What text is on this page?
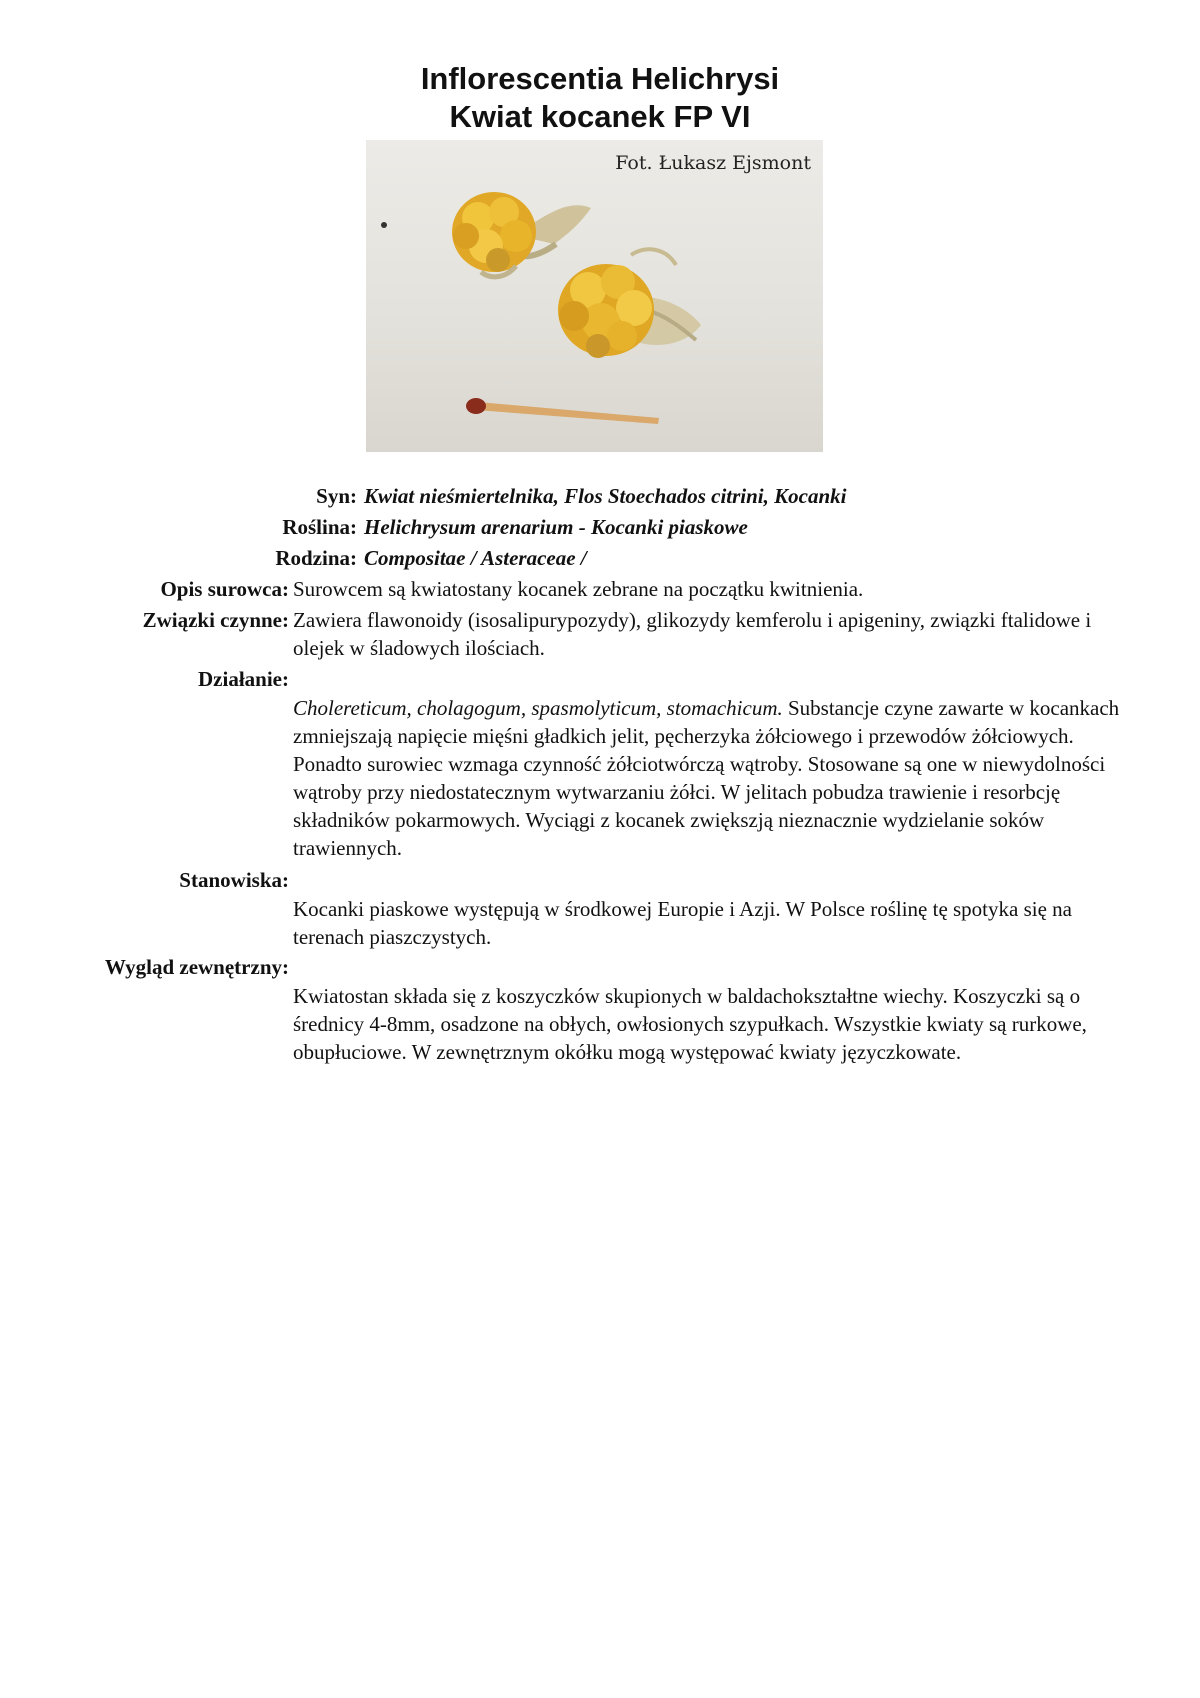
Inflorescentia Helichrysi
Kwiat kocanek FP VI
Fot. Łukasz Ejsmont
Syn: Kwiat nieśmiertelnika, Flos Stoechados citrini, Kocanki
Roślina: Helichrysum arenarium - Kocanki piaskowe
Rodzina: Compositae / Asteraceae /
Opis surowca: Surowcem są kwiatostany kocanek zebrane na początku kwitnienia.
Związki czynne: Zawiera flawonoidy (isosalipurypozydy), glikozydy kemferolu i apigeniny, związki ftalidowe i olejek w śladowych ilościach.
Działanie:
Cholereticum, cholagogum, spasmolyticum, stomachicum. Substancje czyne zawarte w kocankach zmniejszają napięcie mięśni gładkich jelit, pęcherzyka żółciowego i przewodów żółciowych. Ponadto surowiec wzmaga czynność żółciotwórczą wątroby. Stosowane są one w niewydolności wątroby przy niedostatecznym wytwarzaniu żółci. W jelitach pobudza trawienie i resorbcję składników pokarmowych. Wyciągi z kocanek zwiększją nieznacznie wydzielanie soków trawiennych.
Stanowiska:
Kocanki piaskowe występują w środkowej Europie i Azji. W Polsce roślinę tę spotyka się na terenach piaszczystych.
Wygląd zewnętrzny:
Kwiatostan składa się z koszyczków skupionych w baldachokształtne wiechy. Koszyczki są o średnicy 4-8mm, osadzone na obłych, owłosionych szypułkach. Wszystkie kwiaty są rurkowe, obupłuciowe. W zewnętrznym okółku mogą występować kwiaty języczkowate.
